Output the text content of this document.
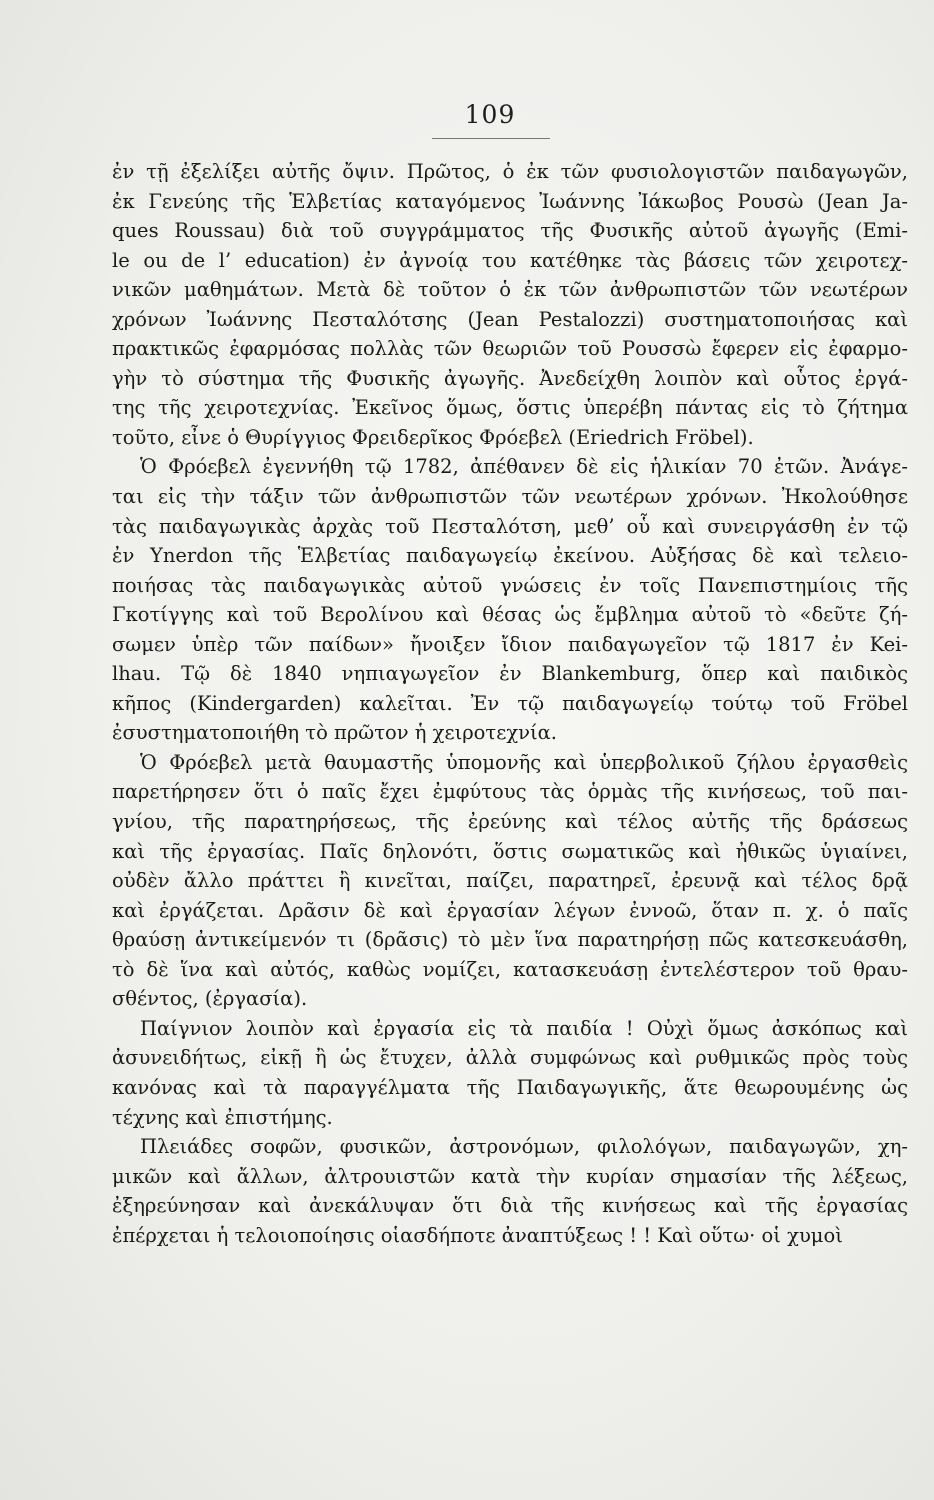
109
ἐν τῇ ἐξελίξει αὐτῆς ὄψιν. Πρῶτος, ὁ ἐκ τῶν φυσιολογιστῶν παιδαγωγῶν,
ἐκ Γενεύης τῆς Ἑλβετίας καταγόμενος Ἰωάννης Ἰάκωβος Ρουσὼ (Jean Ja-
ques Roussau) διὰ τοῦ συγγράμματος τῆς Φυσικῆς αὐτοῦ ἀγωγῆς (Emi-
le ou de l’ education) ἐν ἀγνοίᾳ του κατέθηκε τὰς βάσεις τῶν χειροτεχ-
νικῶν μαθημάτων. Μετὰ δὲ τοῦτον ὁ ἐκ τῶν ἀνθρωπιστῶν τῶν νεωτέρων
χρόνων Ἰωάννης Πεσταλότσης (Jean Pestalozzi) συστηματοποιήσας καὶ
πρακτικῶς ἐφαρμόσας πολλὰς τῶν θεωριῶν τοῦ Ρουσσὼ ἔφερεν εἰς ἐφαρμο-
γὴν τὸ σύστημα τῆς Φυσικῆς ἀγωγῆς. Ἀνεδείχθη λοιπὸν καὶ οὗτος ἐργά-
της τῆς χειροτεχνίας. Ἐκεῖνος ὅμως, ὅστις ὑπερέβη πάντας εἰς τὸ ζήτημα
τοῦτο, εἶνε ὁ Θυρίγγιος Φρειδερῖκος Φρόεβελ (Eriedrich Fröbel).
Ὁ Φρόεβελ ἐγεννήθη τῷ 1782, ἀπέθανεν δὲ εἰς ἡλικίαν 70 ἐτῶν. Ἀνάγε-
ται εἰς τὴν τάξιν τῶν ἀνθρωπιστῶν τῶν νεωτέρων χρόνων. Ἠκολούθησε
τὰς παιδαγωγικὰς ἀρχὰς τοῦ Πεσταλότση, μεθ’ οὗ καὶ συνειργάσθη ἐν τῷ
ἐν Ynerdon τῆς Ἑλβετίας παιδαγωγείῳ ἐκείνου. Αὐξήσας δὲ καὶ τελειο-
ποιήσας τὰς παιδαγωγικὰς αὐτοῦ γνώσεις ἐν τοῖς Πανεπιστημίοις τῆς
Γκοτίγγης καὶ τοῦ Βερολίνου καὶ θέσας ὡς ἔμβλημα αὐτοῦ τὸ «δεῦτε ζή-
σωμεν ὑπὲρ τῶν παίδων» ἤνοιξεν ἴδιον παιδαγωγεῖον τῷ 1817 ἐν Kei-
lhau. Τῷ δὲ 1840 νηπιαγωγεῖον ἐν Blankemburg, ὅπερ καὶ παιδικὸς
κῆπος (Kindergarden) καλεῖται. Ἐν τῷ παιδαγωγείῳ τούτῳ τοῦ Fröbel
ἐσυστηματοποιήθη τὸ πρῶτον ἡ χειροτεχνία.
Ὁ Φρόεβελ μετὰ θαυμαστῆς ὑπομονῆς καὶ ὑπερβολικοῦ ζήλου ἐργασθεὶς
παρετήρησεν ὅτι ὁ παῖς ἔχει ἐμφύτους τὰς ὁρμὰς τῆς κινήσεως, τοῦ παι-
γνίου, τῆς παρατηρήσεως, τῆς ἐρεύνης καὶ τέλος αὐτῆς τῆς δράσεως
καὶ τῆς ἐργασίας. Παῖς δηλονότι, ὅστις σωματικῶς καὶ ἠθικῶς ὑγιαίνει,
οὐδὲν ἄλλο πράττει ἢ κινεῖται, παίζει, παρατηρεῖ, ἐρευνᾷ καὶ τέλος δρᾷ
καὶ ἐργάζεται. Δρᾶσιν δὲ καὶ ἐργασίαν λέγων ἐννοῶ, ὅταν π. χ. ὁ παῖς
θραύσῃ ἀντικείμενόν τι (δρᾶσις) τὸ μὲν ἵνα παρατηρήσῃ πῶς κατεσκευάσθη,
τὸ δὲ ἵνα καὶ αὐτός, καθὼς νομίζει, κατασκευάσῃ ἐντελέστερον τοῦ θραυ-
σθέντος, (ἐργασία).
Παίγνιον λοιπὸν καὶ ἐργασία εἰς τὰ παιδία ! Οὐχὶ ὅμως ἀσκόπως καὶ
ἀσυνειδήτως, εἰκῇ ἢ ὡς ἔτυχεν, ἀλλὰ συμφώνως καὶ ρυθμικῶς πρὸς τοὺς
κανόνας καὶ τὰ παραγγέλματα τῆς Παιδαγωγικῆς, ἅτε θεωρουμένης ὡς
τέχνης καὶ ἐπιστήμης.
Πλειάδες σοφῶν, φυσικῶν, ἀστρονόμων, φιλολόγων, παιδαγωγῶν, χη-
μικῶν καὶ ἄλλων, ἀλτρουιστῶν κατὰ τὴν κυρίαν σημασίαν τῆς λέξεως,
ἐξηρεύνησαν καὶ ἀνεκάλυψαν ὅτι διὰ τῆς κινήσεως καὶ τῆς ἐργασίας
ἐπέρχεται ἡ τελοιοποίησις οἱασδήποτε ἀναπτύξεως ! ! Καὶ οὕτω· οἱ χυμοὶ
